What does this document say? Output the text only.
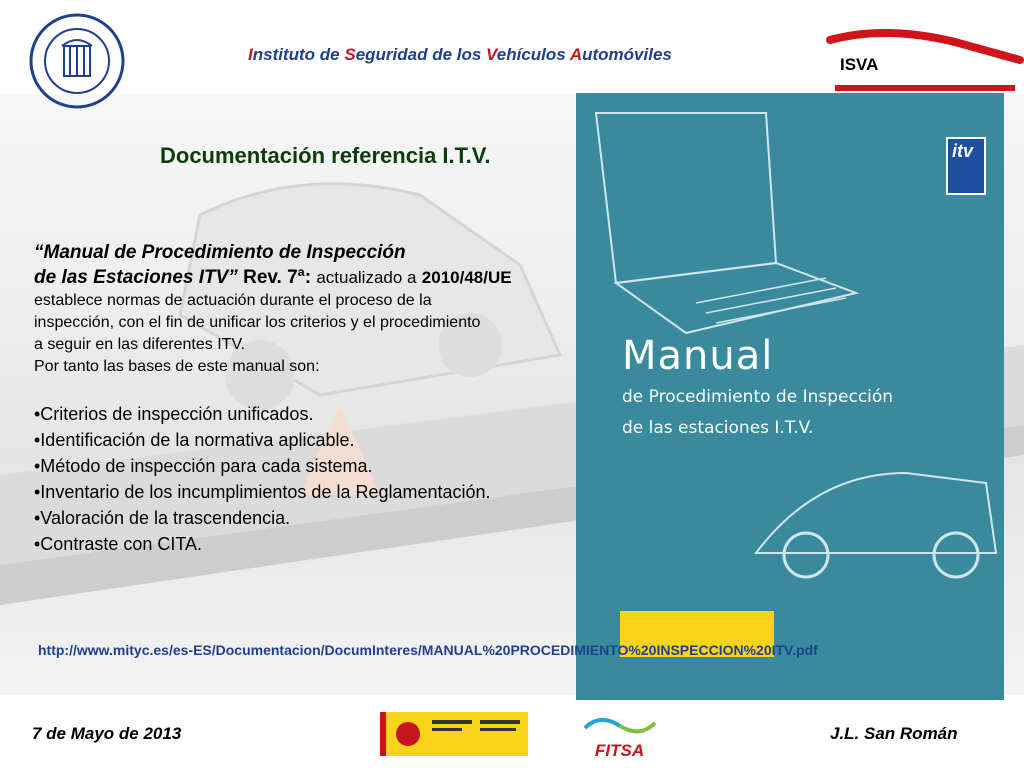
Instituto de Seguridad de los Vehículos Automóviles
ISVA
itv
Manual
de Procedimiento de Inspección
de las estaciones I.T.V.
Documentación referencia I.T.V.
“Manual de Procedimiento de Inspección
de las Estaciones ITV” Rev. 7ª: actualizado a 2010/48/UE

establece normas de actuación durante el proceso de la

inspección, con el fin de unificar los criterios y el procedimiento

a seguir en las diferentes ITV.

Por tanto las bases de este manual son:

•Criterios de inspección unificados.
•Identificación de la normativa aplicable.
•Método de inspección para cada sistema.
•Inventario de los incumplimientos de la Reglamentación.
•Valoración de la trascendencia.
•Contraste con CITA.
http://www.mityc.es/es-ES/Documentacion/DocumInteres/MANUAL%20PROCEDIMIENTO%20INSPECCION%20ITV.pdf
7 de Mayo de 2013
FITSA
J.L. San Román
